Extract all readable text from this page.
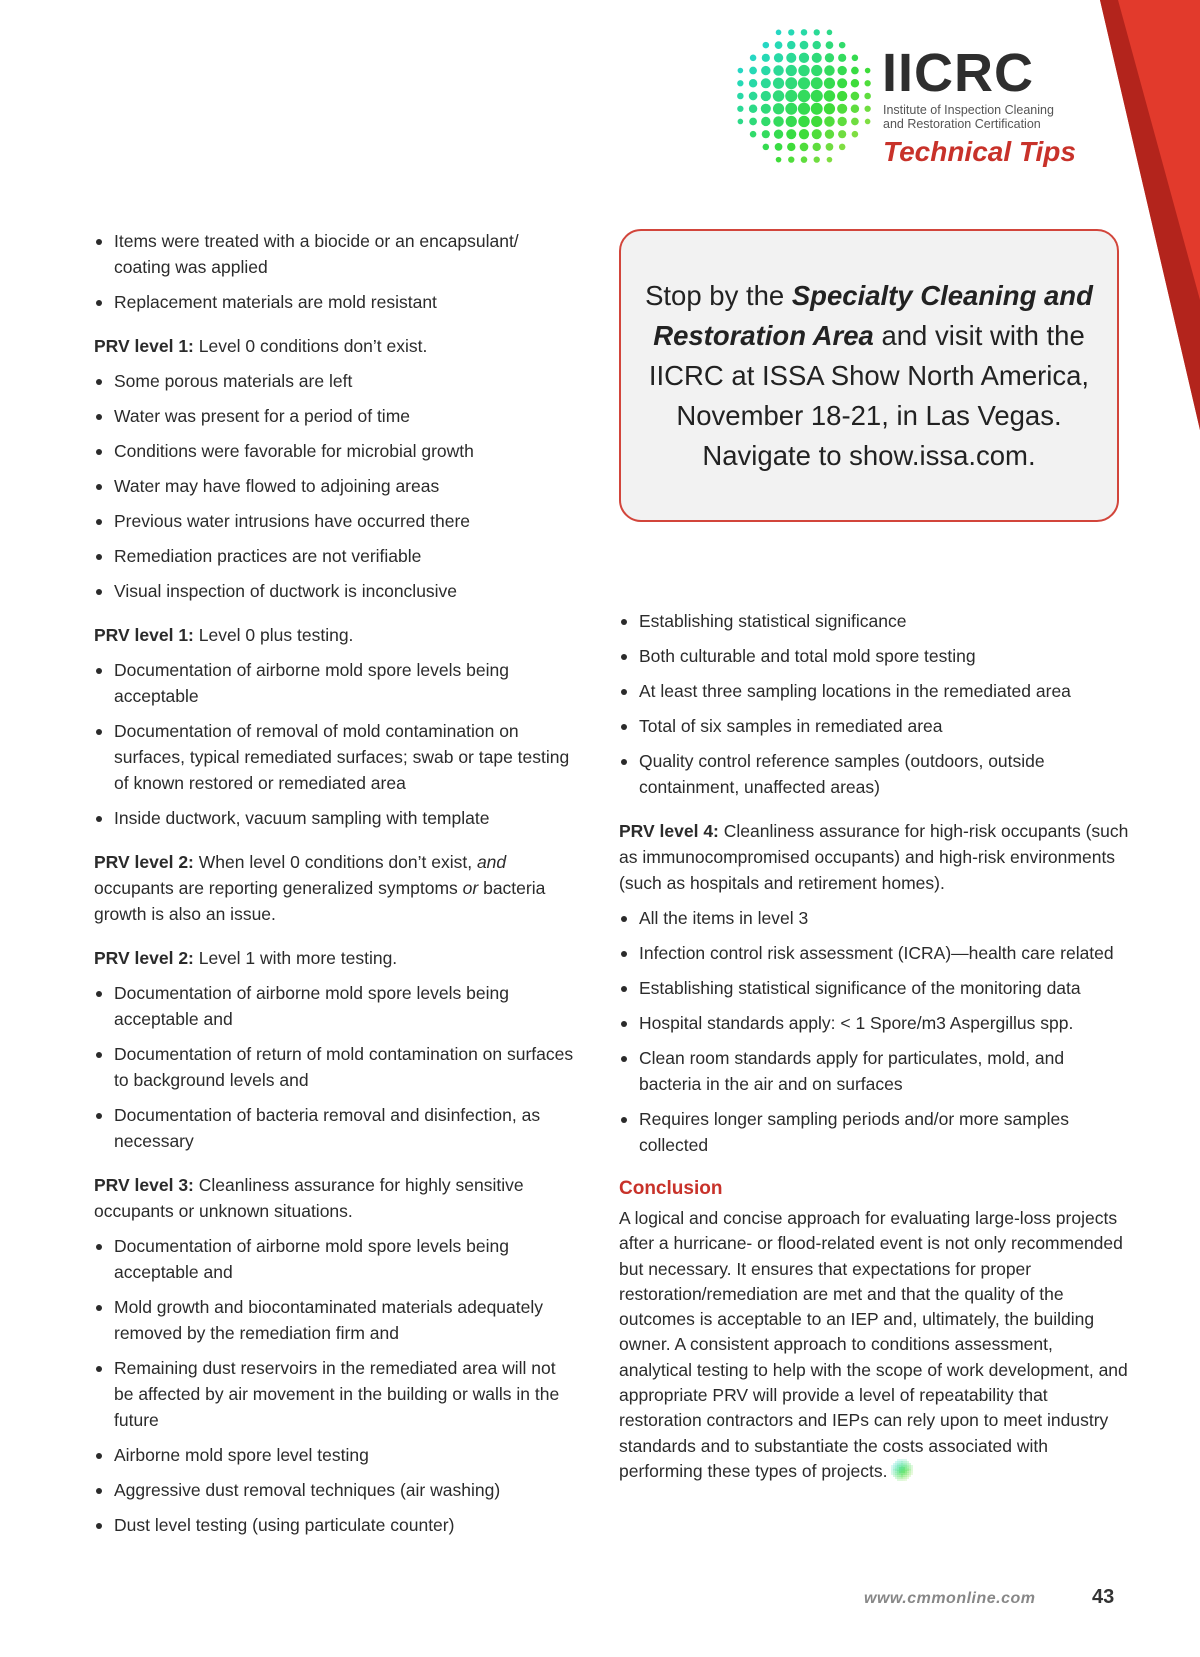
IICRC
Institute of Inspection Cleaning
and Restoration Certification
Technical Tips
Items were treated with a biocide or an encapsulant/ coating was applied
Replacement materials are mold resistant

PRV level 1: Level 0 conditions don’t exist.

Some porous materials are left
Water was present for a period of time
Conditions were favorable for microbial growth
Water may have flowed to adjoining areas
Previous water intrusions have occurred there
Remediation practices are not verifiable
Visual inspection of ductwork is inconclusive

PRV level 1: Level 0 plus testing.

Documentation of airborne mold spore levels being acceptable
Documentation of removal of mold contamination on surfaces, typical remediated surfaces; swab or tape testing of known restored or remediated area
Inside ductwork, vacuum sampling with template

PRV level 2: When level 0 conditions don’t exist, and occupants are reporting generalized symptoms or bacteria growth is also an issue.

PRV level 2: Level 1 with more testing.

Documentation of airborne mold spore levels being acceptable and
Documentation of return of mold contamination on surfaces to background levels and
Documentation of bacteria removal and disinfection, as necessary

PRV level 3: Cleanliness assurance for highly sensitive occupants or unknown situations.

Documentation of airborne mold spore levels being acceptable and
Mold growth and biocontaminated materials adequately removed by the remediation firm and
Remaining dust reservoirs in the remediated area will not be affected by air movement in the building or walls in the future
Airborne mold spore level testing
Aggressive dust removal techniques (air washing)
Dust level testing (using particulate counter)
Stop by the Specialty Cleaning and Restoration Area and visit with the IICRC at ISSA Show North America, November 18-21, in Las Vegas. Navigate to show.issa.com.
Establishing statistical significance
Both culturable and total mold spore testing
At least three sampling locations in the remediated area
Total of six samples in remediated area
Quality control reference samples (outdoors, outside containment, unaffected areas)

PRV level 4: Cleanliness assurance for high-risk occupants (such as immunocompromised occupants) and high-risk environments (such as hospitals and retirement homes).

All the items in level 3
Infection control risk assessment (ICRA)—health care related
Establishing statistical significance of the monitoring data
Hospital standards apply: < 1 Spore/m3 Aspergillus spp.
Clean room standards apply for particulates, mold, and bacteria in the air and on surfaces
Requires longer sampling periods and/or more samples collected
Conclusion

A logical and concise approach for evaluating large-loss projects after a hurricane- or flood-related event is not only recommended but necessary. It ensures that expectations for proper restoration/remediation are met and that the quality of the outcomes is acceptable to an IEP and, ultimately, the building owner. A consistent approach to conditions assessment, analytical testing to help with the scope of work development, and appropriate PRV will provide a level of repeatability that restoration contractors and IEPs can rely upon to meet industry standards and to substantiate the costs associated with performing these types of projects.

www.cmmonline.com	43
